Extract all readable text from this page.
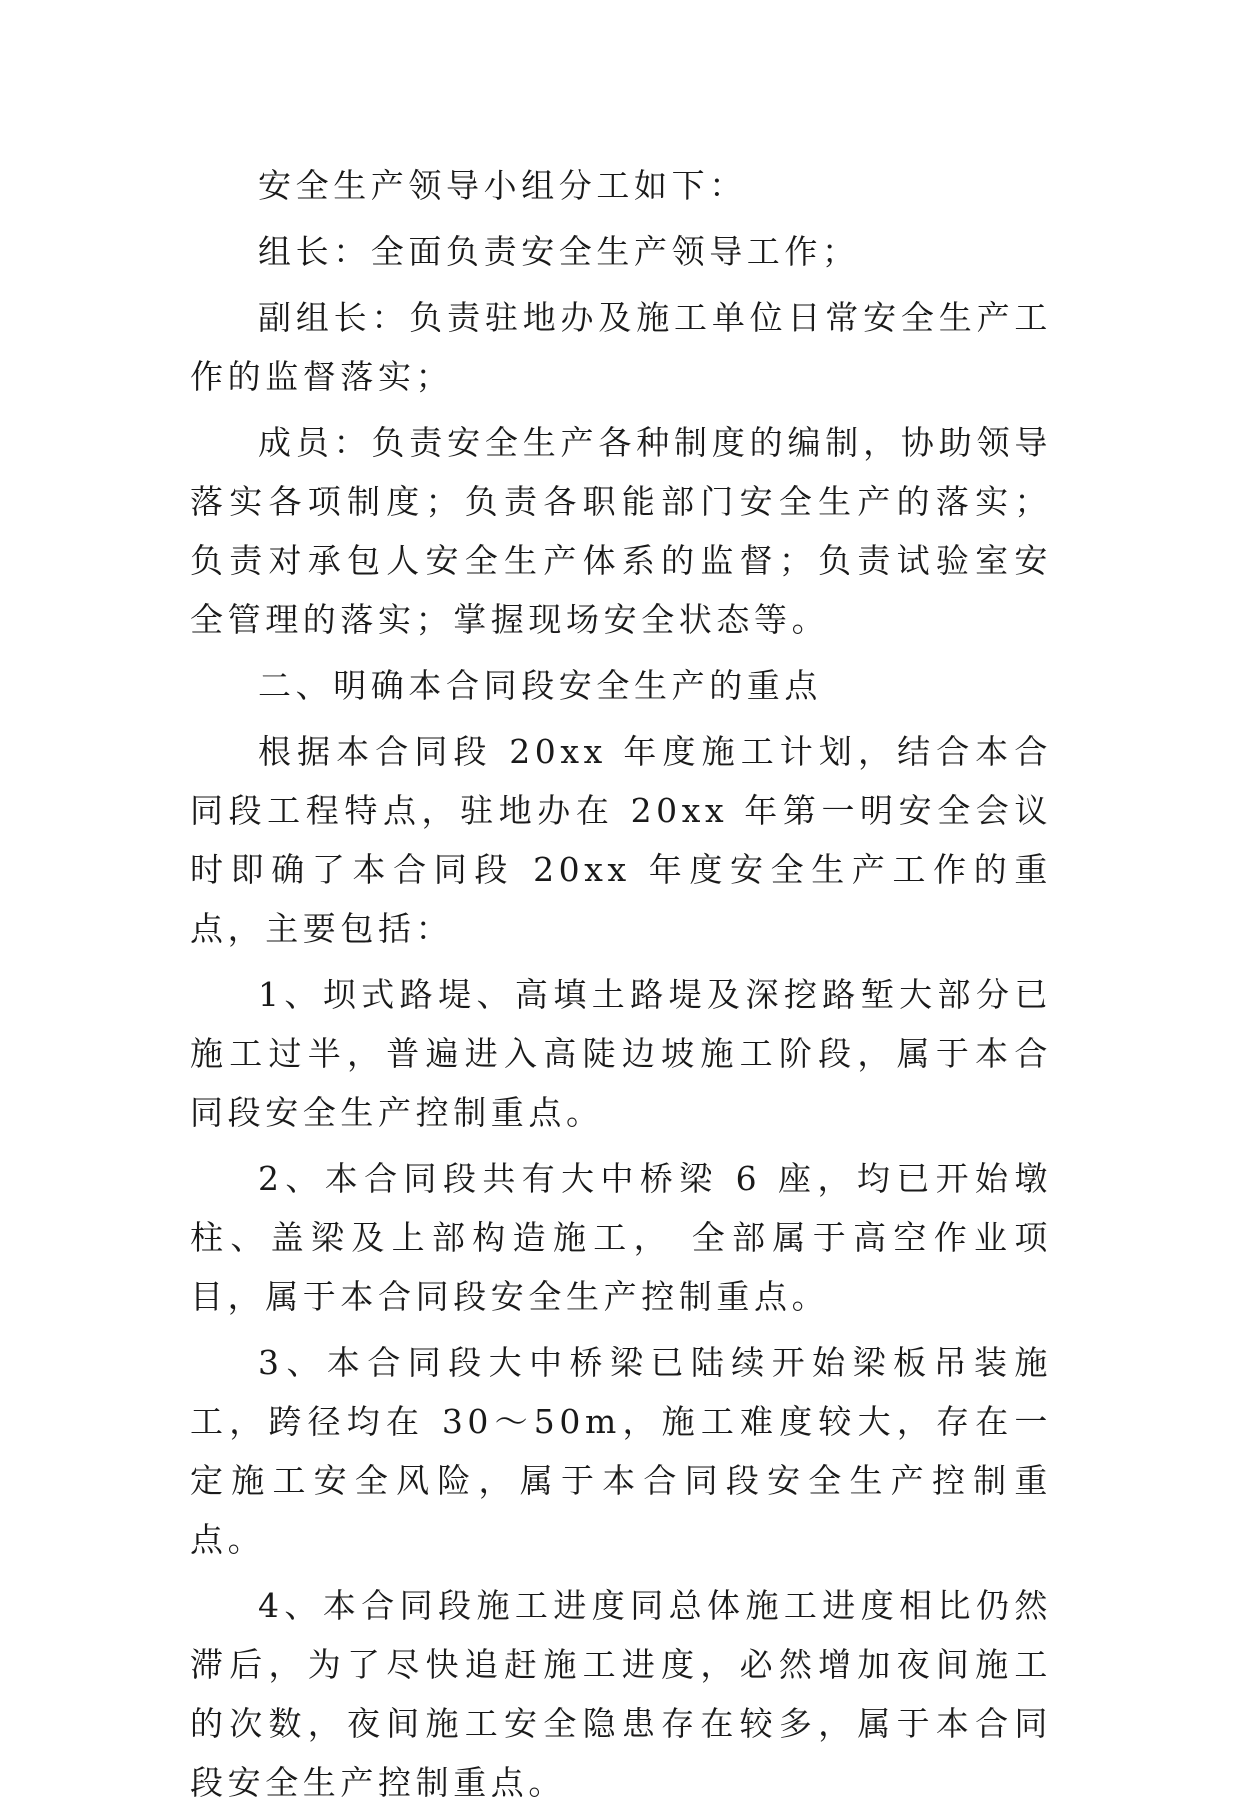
安全生产领导小组分工如下：

组长：全面负责安全生产领导工作；

副组长：负责驻地办及施工单位日常安全生产工作的监督落实；

成员：负责安全生产各种制度的编制，协助领导落实各项制度；负责各职能部门安全生产的落实；负责对承包人安全生产体系的监督；负责试验室安全管理的落实；掌握现场安全状态等。

二、明确本合同段安全生产的重点

根据本合同段 20xx 年度施工计划，结合本合同段工程特点，驻地办在 20xx 年第一明安全会议时即确了本合同段 20xx 年度安全生产工作的重点，主要包括：

1、坝式路堤、高填土路堤及深挖路堑大部分已施工过半，普遍进入高陡边坡施工阶段，属于本合同段安全生产控制重点。

2、本合同段共有大中桥梁 6 座，均已开始墩柱、盖梁及上部构造施工， 全部属于高空作业项目，属于本合同段安全生产控制重点。

3、本合同段大中桥梁已陆续开始梁板吊装施工，跨径均在 30～50m，施工难度较大，存在一定施工安全风险，属于本合同段安全生产控制重点。

4、本合同段施工进度同总体施工进度相比仍然滞后，为了尽快追赶施工进度，必然增加夜间施工的次数，夜间施工安全隐患存在较多，属于本合同段安全生产控制重点。
